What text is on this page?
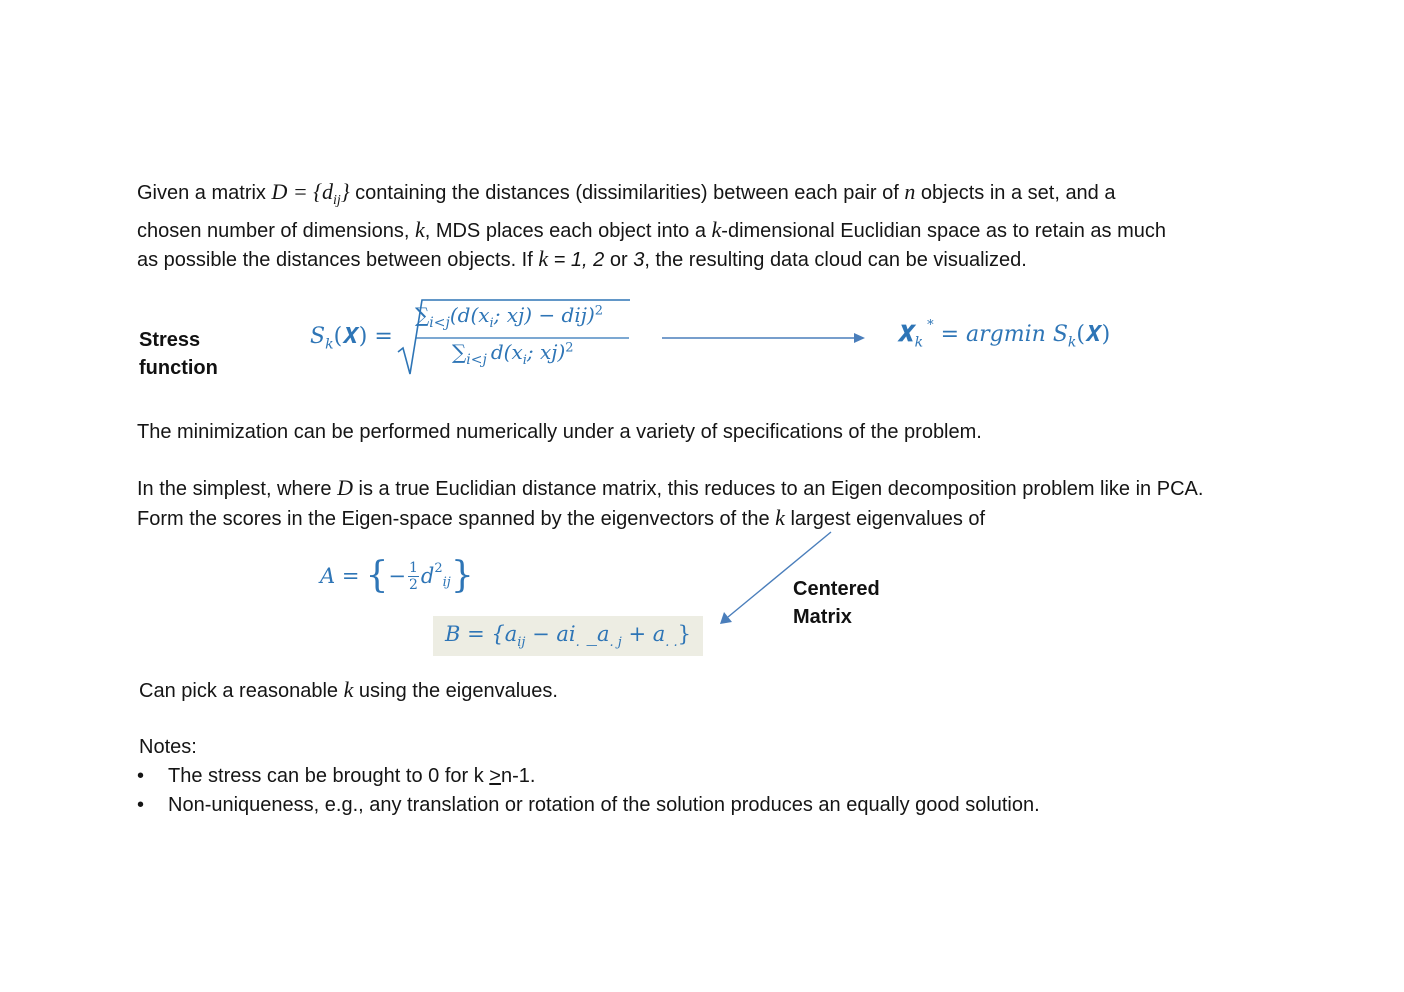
Given a matrix $D = \{d_{ij}\}$ containing the distances (dissimilarities) between each pair of n objects in a set, and a
chosen number of dimensions, k, MDS places each object into a k-dimensional Euclidian space as to retain as much
as possible the distances between objects. If k = 1, 2 or 3, the resulting data cloud can be visualized.
Stress
function
$S_k(𝑿)$ =
$\sum_{i<j}(d(x_i$; xj) − dij)$^2$
$\sum_{i<j}$ $d(x_i$; xj)$^2$
𝑿$_k$* = argmin $S_k(𝑿)$
The minimization can be performed numerically under a variety of specifications of the problem.
In the simplest, where D is a true Euclidian distance matrix, this reduces to an Eigen decomposition problem like in PCA.
Form the scores in the Eigen-space spanned by the eigenvectors of the k largest eigenvalues of
A = { − $\frac{1}{2}$ d 2
ij }
$B = \{a_{ij} - ai_.$ $\_a_{. j} + a_{. .}$}
Centered
Matrix
Can pick a reasonable k using the eigenvalues.
Notes:
•	The stress can be brought to 0 for k > n-1.
•	Non-uniqueness, e.g., any translation or rotation of the solution produces an equally good solution.
